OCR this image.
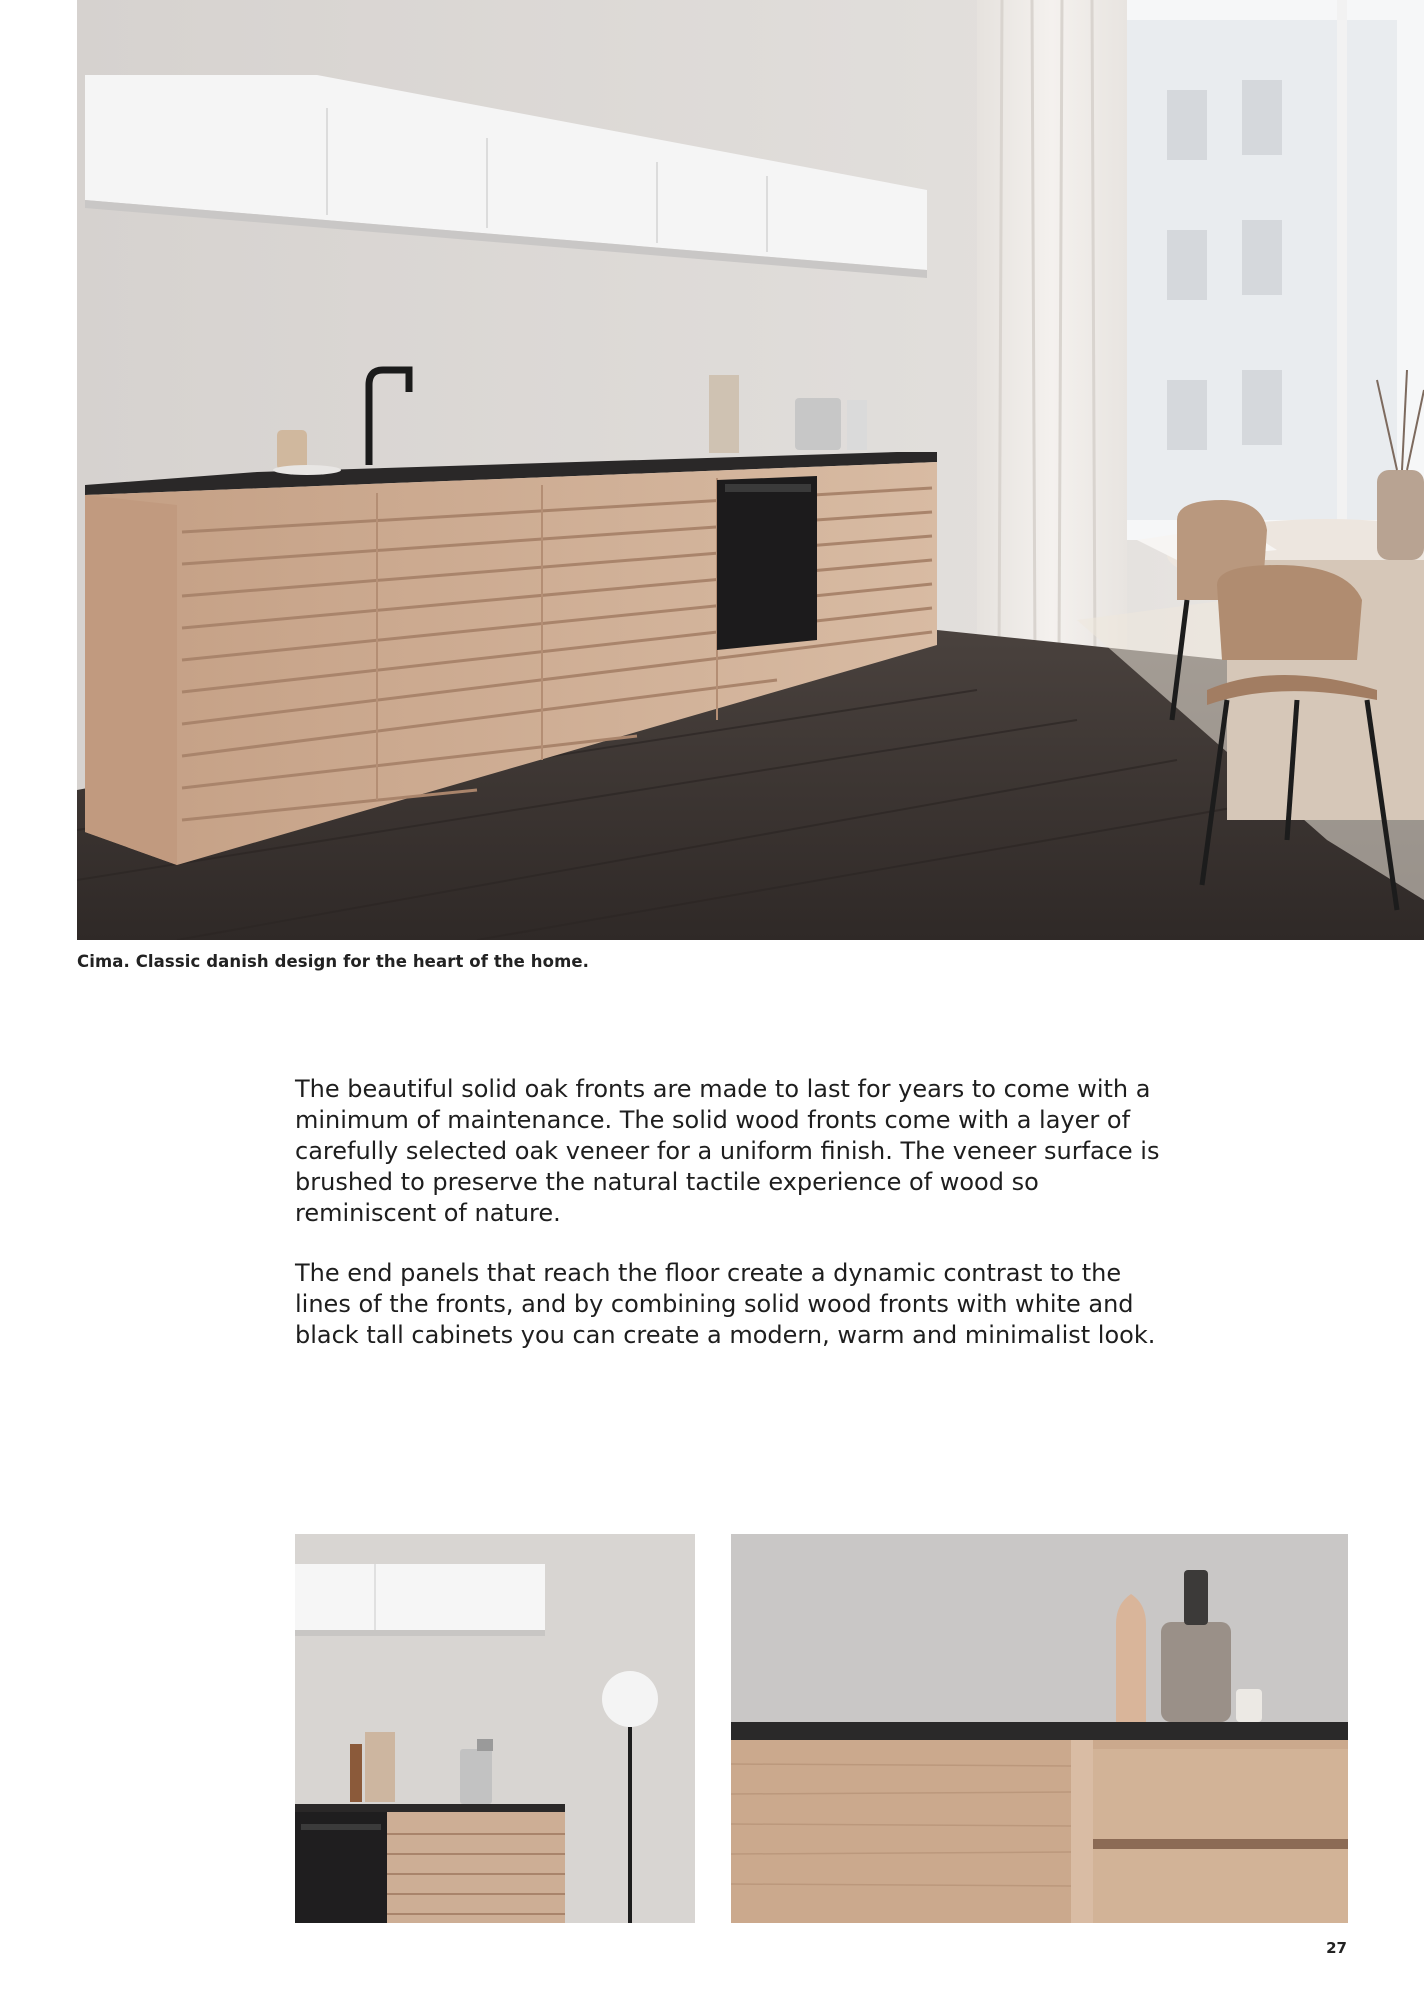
Cima. Classic danish design for the heart of the home.

The beautiful solid oak fronts are made to last for years to come with a minimum of maintenance. The solid wood fronts come with a layer of carefully selected oak veneer for a uniform finish. The veneer surface is brushed to preserve the natural tactile experience of wood so reminiscent of nature.

The end panels that reach the floor create a dynamic contrast to the lines of the fronts, and by combining solid wood fronts with white and black tall cabinets you can create a modern, warm and minimalist look.

27
